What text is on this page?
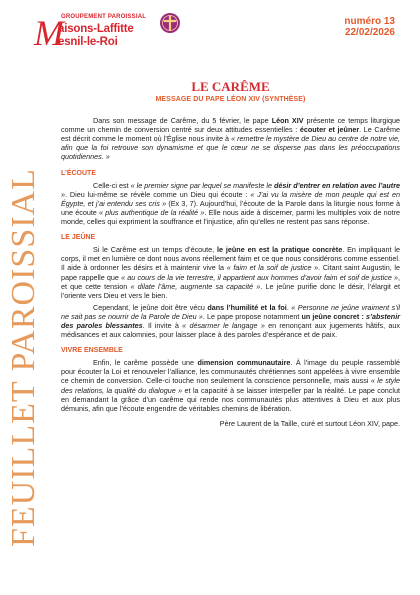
FEUILLET PAROISSIAL
M
GROUPEMENT PAROISSIAL
aisons-Laffitte
esnil-le-Roi
numéro 13
22/02/2026
LE CARÊME
MESSAGE DU PAPE LÉON XIV (SYNTHÈSE)

Dans son message de Carême, du 5 février, le pape Léon XIV présente ce temps liturgique comme un chemin de conversion centré sur deux attitudes essentielles : écouter et jeûner. Le Carême est décrit comme le moment où l’Église nous invite à « remettre le mystère de Dieu au centre de notre vie, afin que la foi retrouve son dynamisme et que le cœur ne se disperse pas dans les préoccupations quotidiennes. »

L’ÉCOUTE

Celle-ci est « le premier signe par lequel se manifeste le désir d’entrer en relation avec l’autre ». Dieu lui-même se révèle comme un Dieu qui écoute : « J’ai vu la misère de mon peuple qui est en Égypte, et j’ai entendu ses cris » (Ex 3, 7). Aujourd’hui, l’écoute de la Parole dans la liturgie nous forme à une écoute « plus authentique de la réalité ». Elle nous aide à discerner, parmi les multiples voix de notre monde, celles qui expriment la souffrance et l’injustice, afin qu’elles ne restent pas sans réponse.

LE JEÛNE

Si le Carême est un temps d’écoute, le jeûne en est la pratique concrète. En impliquant le corps, il met en lumière ce dont nous avons réellement faim et ce que nous considérons comme essentiel. Il aide à ordonner les désirs et à maintenir vive la « faim et la soif de justice ». Citant saint Augustin, le pape rappelle que « au cours de la vie terrestre, il appartient aux hommes d’avoir faim et soif de justice », et que cette tension « dilate l’âme, augmente sa capacité ». Le jeûne purifie donc le désir, l’élargit et l’oriente vers Dieu et vers le bien.

Cependant, le jeûne doit être vécu dans l’humilité et la foi. « Personne ne jeûne vraiment s’il ne sait pas se nourrir de la Parole de Dieu ». Le pape propose notamment un jeûne concret : s’abstenir des paroles blessantes. Il invite à « désarmer le langage » en renonçant aux jugements hâtifs, aux médisances et aux calomnies, pour laisser place à des paroles d’espérance et de paix.

VIVRE ENSEMBLE

Enfin, le carême possède une dimension communautaire. À l’image du peuple rassemblé pour écouter la Loi et renouveler l’alliance, les communautés chrétiennes sont appelées à vivre ensemble ce chemin de conversion. Celle-ci touche non seulement la conscience personnelle, mais aussi « le style des relations, la qualité du dialogue » et la capacité à se laisser interpeller par la réalité. Le pape conclut en demandant la grâce d’un carême qui rende nos communautés plus attentives à Dieu et aux plus démunis, afin que l’écoute engendre de véritables chemins de libération.

Père Laurent de la Taille, curé et surtout Léon XIV, pape.
